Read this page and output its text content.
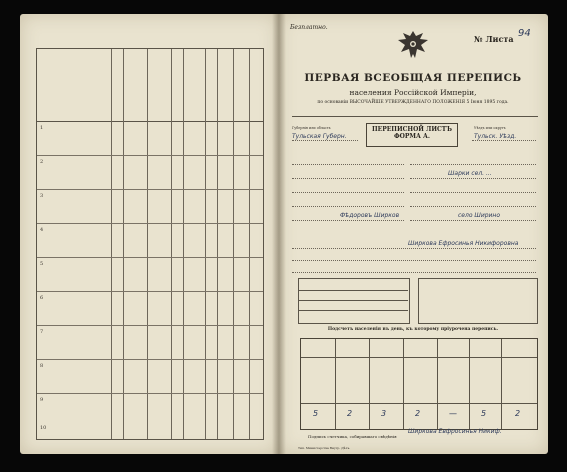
1
2
3
4
5
6
7
8
9
10
Безплатно.
№ Листа 94
ПЕРВАЯ ВСЕОБЩАЯ ПЕРЕПИСЬ
населения Россійской Имперіи,
по основаніи ВЫСОЧАЙШЕ УТВЕРЖДЕННАГО ПОЛОЖЕНІЯ 5 Іюня 1895 года.
Губернія или область
Тульская Губерн.
ПЕРЕПИСНОЙ ЛИСТЪ
ФОРМА А.
Уѣздъ или округъ
Тульск. Уѣзд.
Шарки сел. ...
Фѣдоровъ Ширков	село Ширино
Ширкова Ефросинья Никифоровна
Подсчетъ населенія въ день, къ которому пріурочена перепись.
5	2	3	2	—	5	2
Подпись счетчика, собиравшаго свѣдѣнія
Ширкова Евфросинья Никиф.
Тип. Министерства Внутр. Дѣлъ.
